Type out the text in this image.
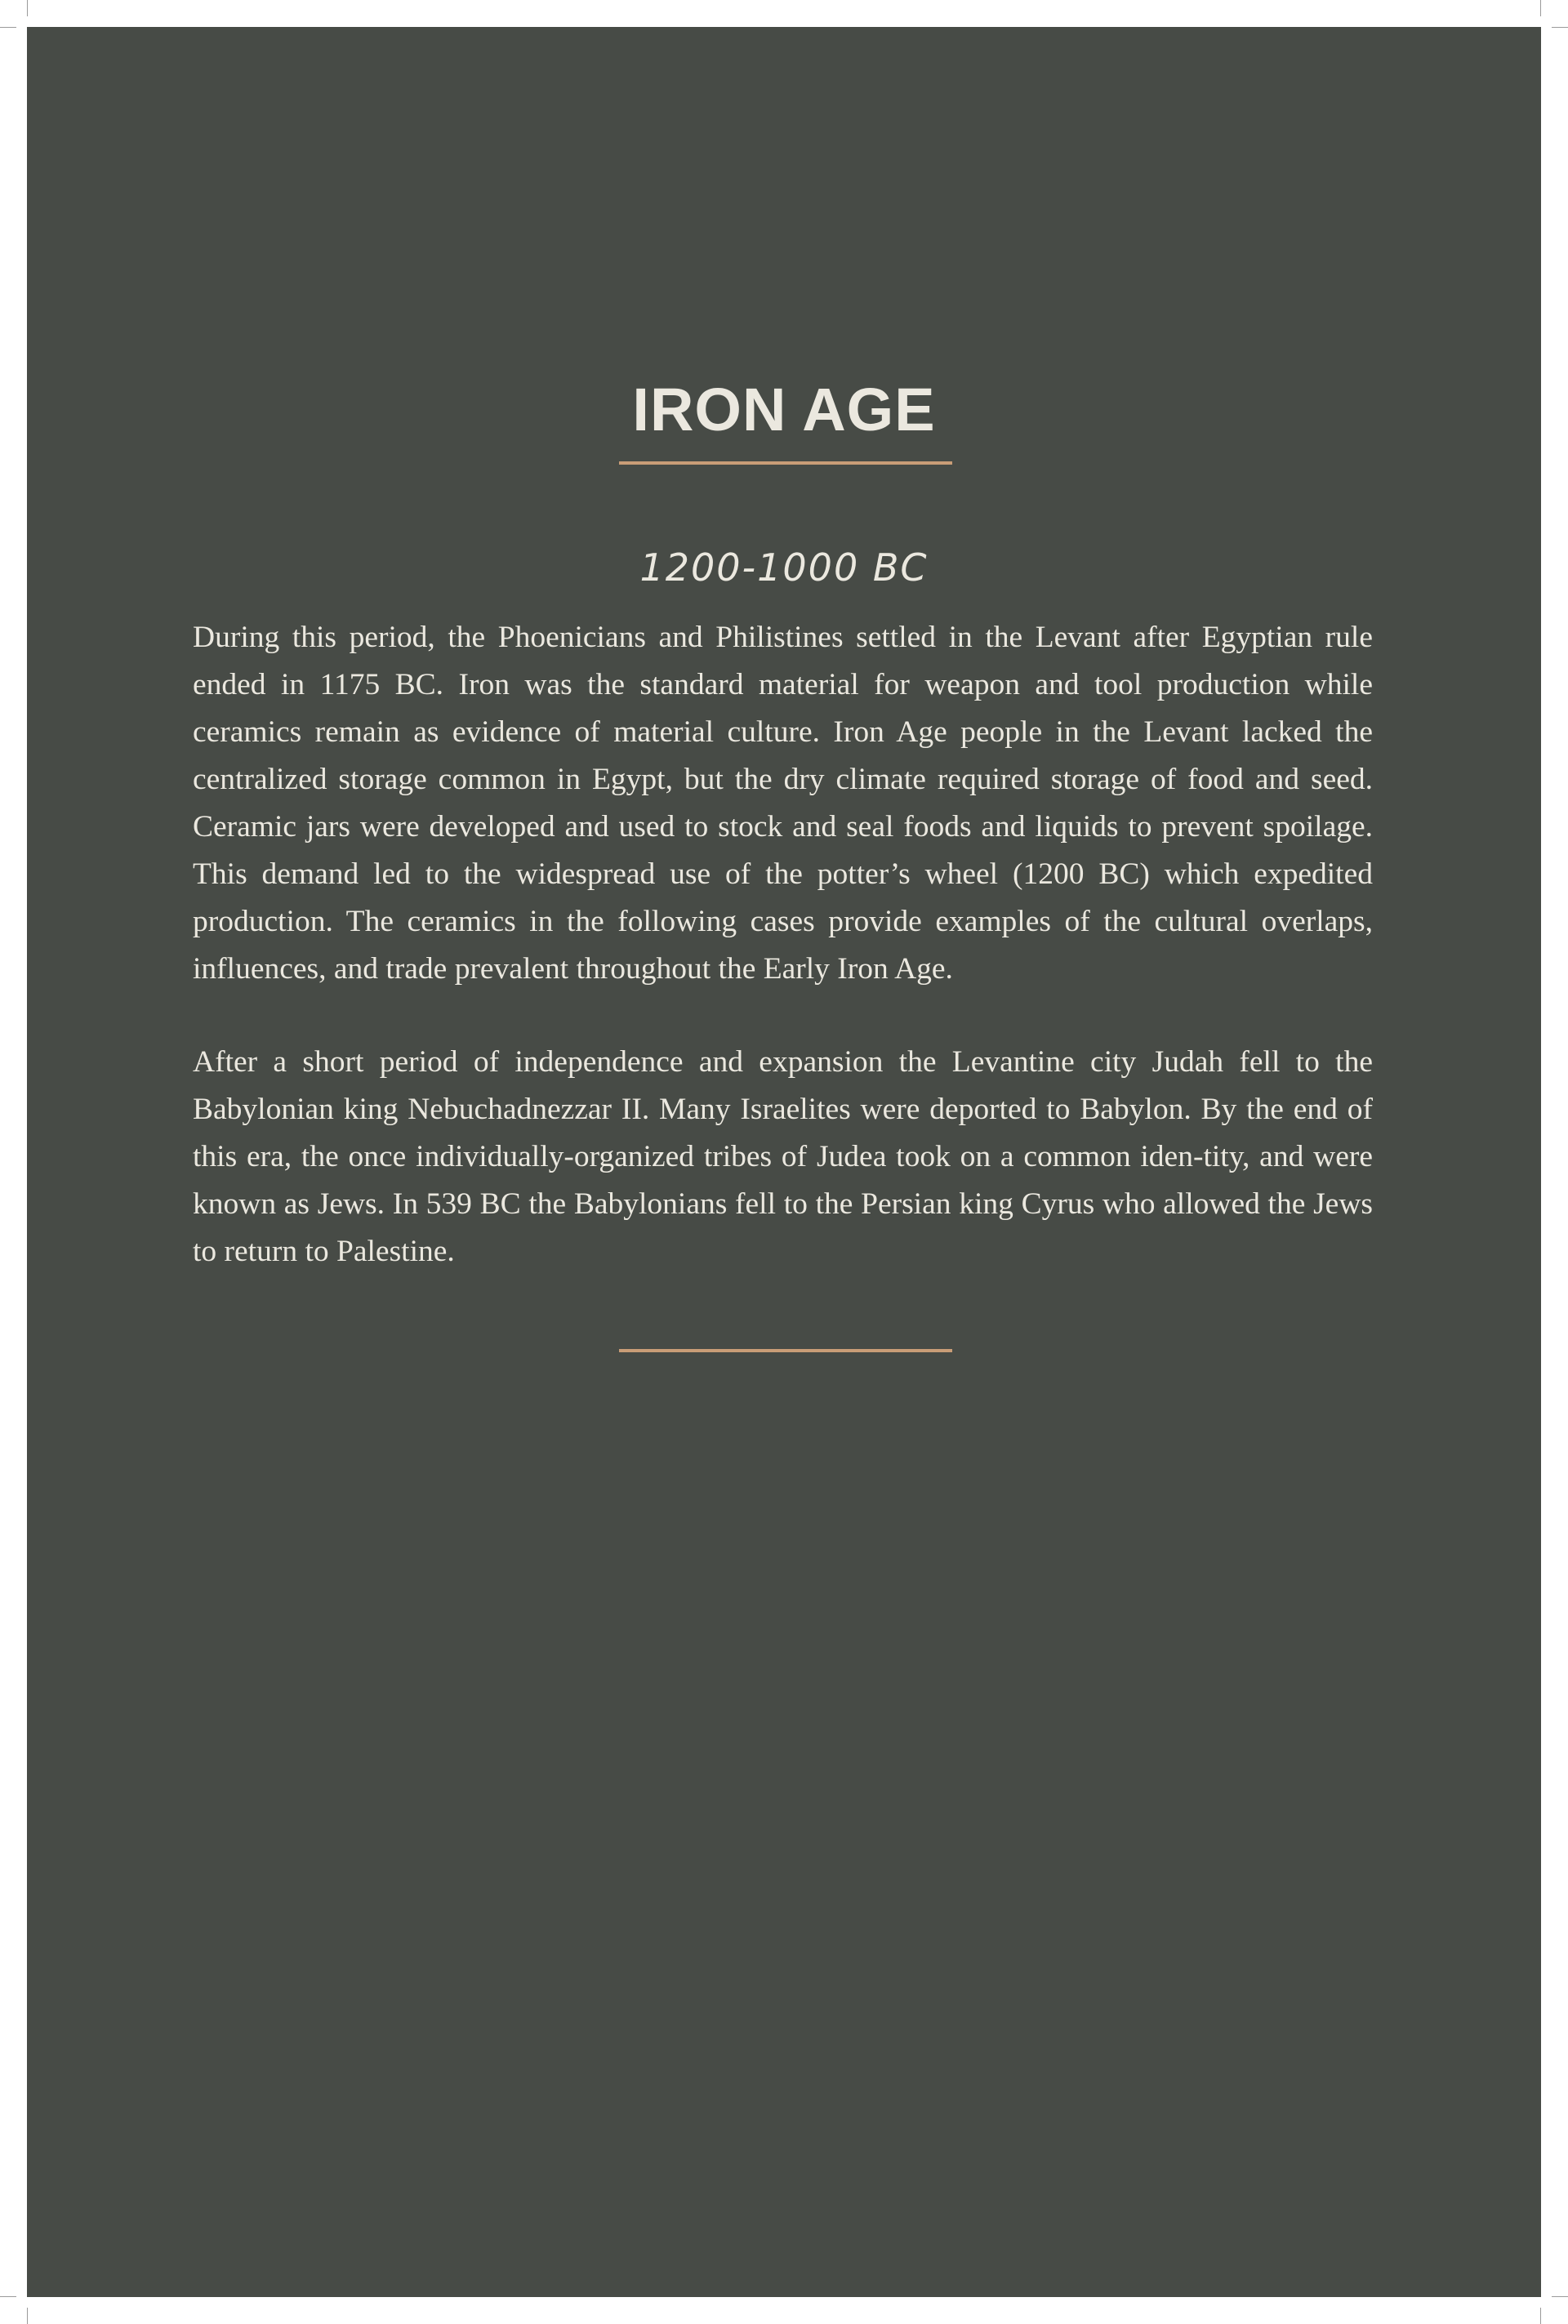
IRON AGE
1200-1000 BC

During this period, the Phoenicians and Philistines settled in the Levant after Egyptian rule ended in 1175 BC. Iron was the standard material for weapon and tool production while ceramics remain as evidence of material culture. Iron Age people in the Levant lacked the centralized storage common in Egypt, but the dry climate required storage of food and seed. Ceramic jars were developed and used to stock and seal foods and liquids to prevent spoilage. This demand led to the widespread use of the potter’s wheel (1200 BC) which expedited production. The ceramics in the following cases provide examples of the cultural overlaps, influences, and trade prevalent throughout the Early Iron Age.

After a short period of independence and expansion the Levantine city Judah fell to the Babylonian king Nebuchadnezzar II. Many Israelites were deported to Babylon. By the end of this era, the once individually-organized tribes of Judea took on a common iden-tity, and were known as Jews. In 539 BC the Babylonians fell to the Persian king Cyrus who allowed the Jews to return to Palestine.
